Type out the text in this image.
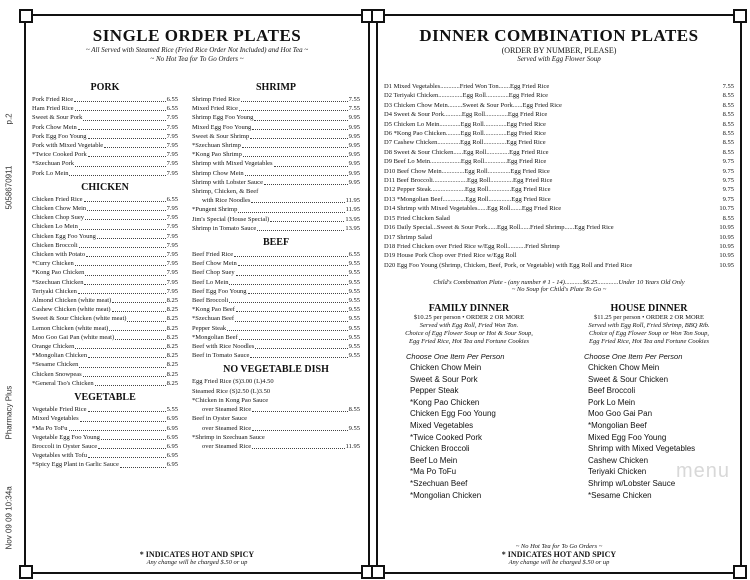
Nov 09 09 10:34a
Pharmacy Plus
5058670911
p.2
SINGLE ORDER PLATES
~ All Served with Steamed Rice (Fried Rice Order Not Included) and Hot Tea ~
~ No Hot Tea for To Go Orders ~
PORK
Pork Fried Rice	6.55
Ham Fried Rice	6.55
Sweet & Sour Pork	7.95
Pork Chow Mein	7.95
Pork Egg Foo Young	7.95
Pork with Mixed Vegetable	7.95
*Twice Cooked Pork	7.95
*Szechuan Pork	7.95
Pork Lo Mein	7.95
CHICKEN
Chicken Fried Rice	6.55
Chicken Chow Mein	7.95
Chicken Chop Suey	7.95
Chicken Lo Mein	7.95
Chicken Egg Foo Young	7.95
Chicken Broccoli	7.95
Chicken with Potato	7.95
*Curry Chicken	7.95
*Kong Pao Chicken	7.95
*Szechuan Chicken	7.95
Teriyaki Chicken	7.95
Almond Chicken (white meat)	8.25
Cashew Chicken (white meat)	8.25
Sweet & Sour Chicken (white meat)	8.25
Lemon Chicken (white meat)	8.25
Moo Goo Gai Pan (white meat)	8.25
Orange Chicken	8.25
*Mongolian Chicken	8.25
*Sesame Chicken	8.25
Chicken Snowpeas	8.25
*General Tso's Chicken	8.25
VEGETABLE
Vegetable Fried Rice	5.55
Mixed Vegetables	6.95
*Ma Po ToFu	6.95
Vegetable Egg Foo Young	6.95
Broccoli in Oyster Sauce	6.95
Vegetables with Tofu	6.95
*Spicy Egg Plant in Garlic Sauce	6.95
SHRIMP
Shrimp Fried Rice	7.55
Mixed Fried Rice	7.55
Shrimp Egg Foo Young	9.95
Mixed Egg Foo Young	9.95
Sweet & Sour Shrimp	9.95
*Szechuan Shrimp	9.95
*Kong Pao Shrimp	9.95
Shrimp with Mixed Vegetables	9.95
Shrimp Chow Mein	9.95
Shrimp with Lobster Sauce	9.95
Shrimp, Chicken, & Beef
with Rice Noodles	11.95
*Pungent Shrimp	11.95
Jim's Special (House Special)	13.95
Shrimp in Tomato Sauce	13.95
BEEF
Beef Fried Rice	6.55
Beef Chow Mein	9.55
Beef Chop Suey	9.55
Beef Lo Mein	9.55
Beef Egg Foo Young	9.55
Beef Broccoli	9.55
*Kong Pao Beef	9.55
*Szechuan Beef	9.55
Pepper Steak	9.55
*Mongolian Beef	9.55
Beef with Rice Noodles	9.55
Beef in Tomato Sauce	9.55
NO VEGETABLE DISH
Egg Fried Rice (S)3.00 (L)4.50
Steamed Rice (S)2.50 (L)3.50
*Chicken in Kong Pao Sauce
over Steamed Rice	8.55
Beef in Oyster Sauce
over Steamed Rice	9.55
*Shrimp in Szechuan Sauce
over Steamed Rice	11.95
* INDICATES HOT AND SPICY
Any change will be charged $.50 or up
DINNER COMBINATION PLATES
(ORDER BY NUMBER, PLEASE)
Served with Egg Flower Soup
D1 Mixed Vegetables............Fried Won Ton.......Egg Fried Rice	7.55
D2 Teriyaki Chicken...............Egg Roll..............Egg Fried Rice	8.55
D3 Chicken Chow Mein.........Sweet & Sour Pork......Egg Fried Rice	8.55
D4 Sweet & Sour Pork...........Egg Roll..............Egg Fried Rice	8.55
D5 Chicken Lo Mein.............Egg Roll..............Egg Fried Rice	8.55
D6 *Kong Pao Chicken.........Egg Roll..............Egg Fried Rice	8.55
D7 Cashew Chicken..............Egg Roll..............Egg Fried Rice	8.55
D8 Sweet & Sour Chicken......Egg Roll..............Egg Fried Rice	8.55
D9 Beef Lo Mein...................Egg Roll..............Egg Fried Rice	9.75
D10 Beef Chow Mein..............Egg Roll..............Egg Fried Rice	9.75
D11 Beef Broccoli.....................Egg Roll..............Egg Fried Rice	9.75
D12 Pepper Steak.....................Egg Roll..............Egg Fried Rice	9.75
D13 *Mongolian Beef..............Egg Roll..............Egg Fried Rice	9.75
D14 Shrimp with Mixed Vegetables......Egg Roll.......Egg Fried Rice	10.75
D15 Fried Chicken Salad	8.55
D16 Daily Special...Sweet & Sour Pork......Egg Roll......Fried Shrimp......Egg Fried Rice	10.95
D17 Shrimp Salad	10.95
D18 Fried Chicken over Fried Rice w/Egg Roll...........Fried Shrimp	10.95
D19 House Pork Chop over Fried Rice w/Egg Roll	10.95
D20 Egg Foo Young (Shrimp, Chicken, Beef, Pork, or Vegetable) with Egg Roll and Fried Rice	10.95
Child's Combination Plate - (any number # 1 - 14)...........$6.25.............Under 10 Years Old Only
~ No Soup for Child's Plate To Go ~
FAMILY DINNER
$10.25 per person • ORDER 2 OR MORE
Served with Egg Roll, Fried Won Ton.
Choice of Egg Flower Soup or Hot & Sour Soup,
Egg Fried Rice, Hot Tea and Fortune Cookies
Choose One Item Per Person
Chicken Chow Mein
Sweet & Sour Pork
Pepper Steak
*Kong Pao Chicken
Chicken Egg Foo Young
Mixed Vegetables
*Twice Cooked Pork
Chicken Broccoli
Beef Lo Mein
*Ma Po ToFu
*Szechuan Beef
*Mongolian Chicken
HOUSE DINNER
$11.25 per person • ORDER 2 OR MORE
Served with Egg Roll, Fried Shrimp, BBQ Rib.
Choice of Egg Flower Soup or Won Ton Soup,
Egg Fried Rice, Hot Tea and Fortune Cookies
Choose One Item Per Person
Chicken Chow Mein
Sweet & Sour Chicken
Beef Broccoli
Pork Lo Mein
Moo Goo Gai Pan
*Mongolian Beef
Mixed Egg Foo Young
Shrimp with Mixed Vegetables
Cashew Chicken
Teriyaki Chicken
Shrimp w/Lobster Sauce
*Sesame Chicken
~ No Hot Tea for To Go Orders ~
* INDICATES HOT AND SPICY
Any change will be charged $.50 or up
menu
